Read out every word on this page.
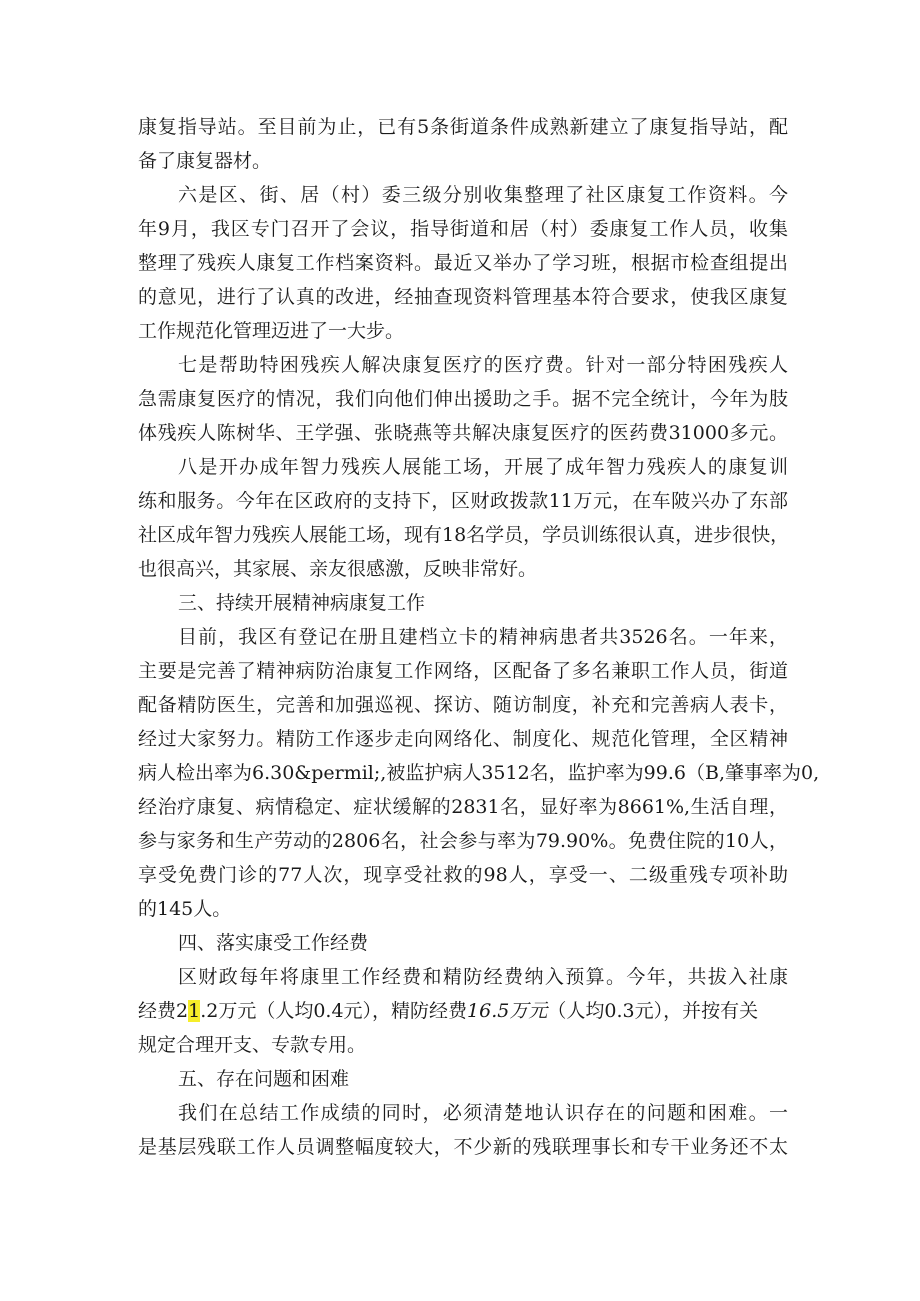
康复指导站。至目前为止，已有5条街道条件成熟新建立了康复指导站，配
备了康复器材。
六是区、街、居（村）委三级分别收集整理了社区康复工作资料。今
年9月，我区专门召开了会议，指导街道和居（村）委康复工作人员，收集
整理了残疾人康复工作档案资料。最近又举办了学习班，根据市检查组提出
的意见，进行了认真的改进，经抽查现资料管理基本符合要求，使我区康复
工作规范化管理迈进了一大步。
七是帮助特困残疾人解决康复医疗的医疗费。针对一部分特困残疾人
急需康复医疗的情况，我们向他们伸出援助之手。据不完全统计，今年为肢
体残疾人陈树华、王学强、张晓燕等共解决康复医疗的医药费31000多元。
八是开办成年智力残疾人展能工场，开展了成年智力残疾人的康复训
练和服务。今年在区政府的支持下，区财政拨款11万元，在车陂兴办了东部
社区成年智力残疾人展能工场，现有18名学员，学员训练很认真，进步很快，
也很高兴，其家展、亲友很感激，反映非常好。
三、持续开展精神病康复工作
目前，我区有登记在册且建档立卡的精神病患者共3526名。一年来，
主要是完善了精神病防治康复工作网络，区配备了多名兼职工作人员，街道
配备精防医生，完善和加强巡视、探访、随访制度，补充和完善病人表卡，
经过大家努力。精防工作逐步走向网络化、制度化、规范化管理，全区精神
病人检出率为6.30&permil;,被监护病人3512名，监护率为99.6（B,肇事率为0,
经治疗康复、病情稳定、症状缓解的2831名，显好率为8661%,生活自理，
参与家务和生产劳动的2806名，社会参与率为79.90%。免费住院的10人，
享受免费门诊的77人次，现享受社救的98人，享受一、二级重残专项补助
的145人。
四、落实康受工作经费
区财政每年将康里工作经费和精防经费纳入预算。今年，共拔入社康
经费21.2万元（人均0.4元），精防经费16.5万元（人均0.3元），并按有关
规定合理开支、专款专用。
五、存在问题和困难
我们在总结工作成绩的同时，必须清楚地认识存在的问题和困难。一
是基层残联工作人员调整幅度较大，不少新的残联理事长和专干业务还不太
